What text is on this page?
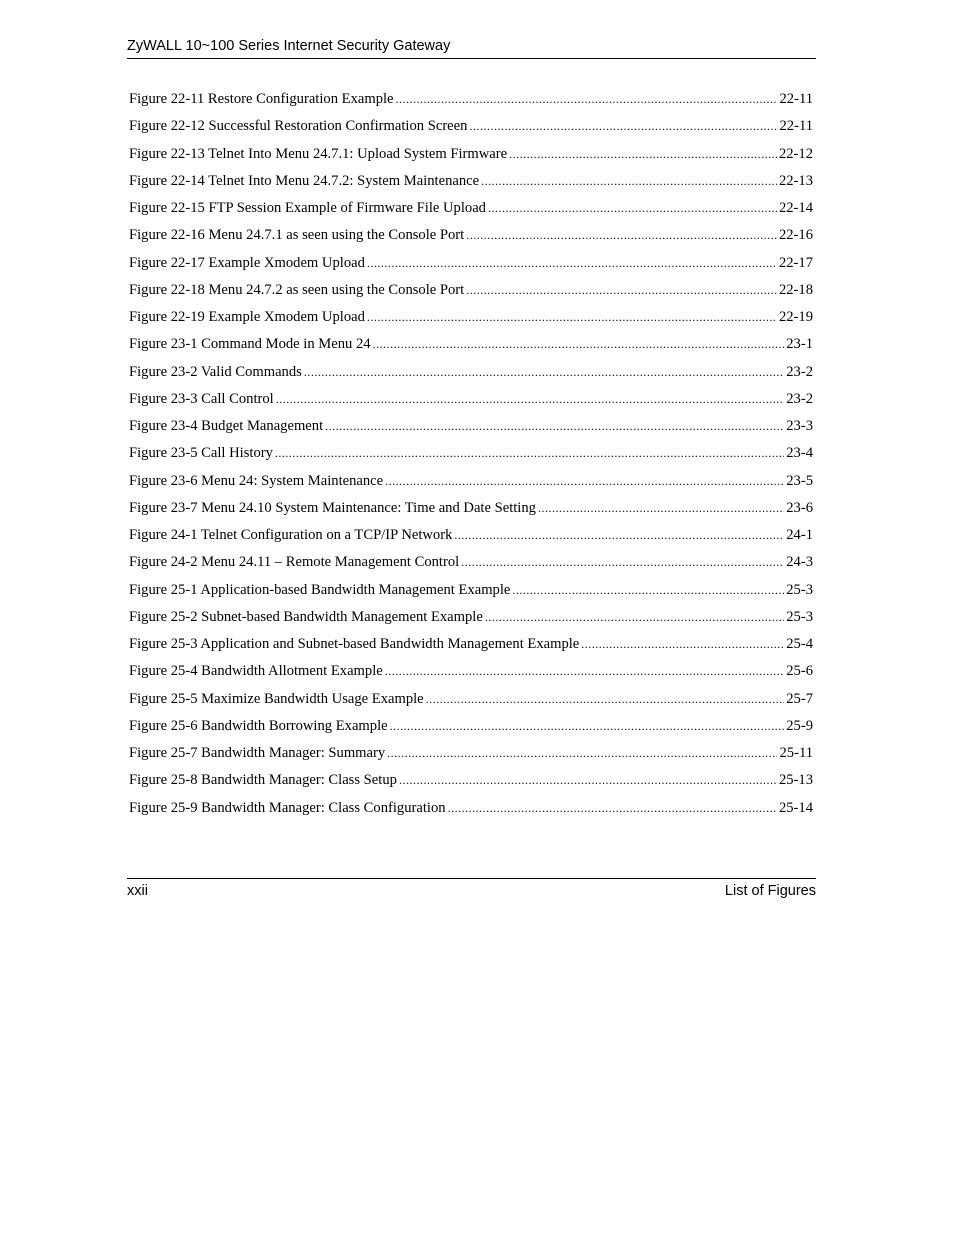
ZyWALL 10~100 Series Internet Security Gateway
Figure 22-11 Restore Configuration Example .....	22-11
Figure 22-12 Successful Restoration Confirmation Screen .....	22-11
Figure 22-13 Telnet Into Menu 24.7.1: Upload System Firmware .....	22-12
Figure 22-14 Telnet Into Menu 24.7.2: System Maintenance .....	22-13
Figure 22-15 FTP Session Example of Firmware File Upload .....	22-14
Figure 22-16 Menu 24.7.1 as seen using the Console Port .....	22-16
Figure 22-17 Example Xmodem Upload .....	22-17
Figure 22-18 Menu 24.7.2 as seen using the Console Port .....	22-18
Figure 22-19 Example Xmodem Upload .....	22-19
Figure 23-1 Command Mode in Menu 24 .....	23-1
Figure 23-2 Valid Commands .....	23-2
Figure 23-3 Call Control .....	23-2
Figure 23-4 Budget Management .....	23-3
Figure 23-5 Call History .....	23-4
Figure 23-6 Menu 24: System Maintenance .....	23-5
Figure 23-7 Menu 24.10 System Maintenance: Time and Date Setting .....	23-6
Figure 24-1 Telnet Configuration on a TCP/IP Network .....	24-1
Figure 24-2 Menu 24.11 – Remote Management Control .....	24-3
Figure 25-1 Application-based Bandwidth Management Example .....	25-3
Figure 25-2 Subnet-based Bandwidth Management Example .....	25-3
Figure 25-3 Application and Subnet-based Bandwidth Management Example .....	25-4
Figure 25-4 Bandwidth Allotment Example .....	25-6
Figure 25-5 Maximize Bandwidth Usage Example .....	25-7
Figure 25-6 Bandwidth Borrowing Example .....	25-9
Figure 25-7 Bandwidth Manager: Summary .....	25-11
Figure 25-8 Bandwidth Manager: Class Setup .....	25-13
Figure 25-9 Bandwidth Manager: Class Configuration .....	25-14
xxii	List of Figures
